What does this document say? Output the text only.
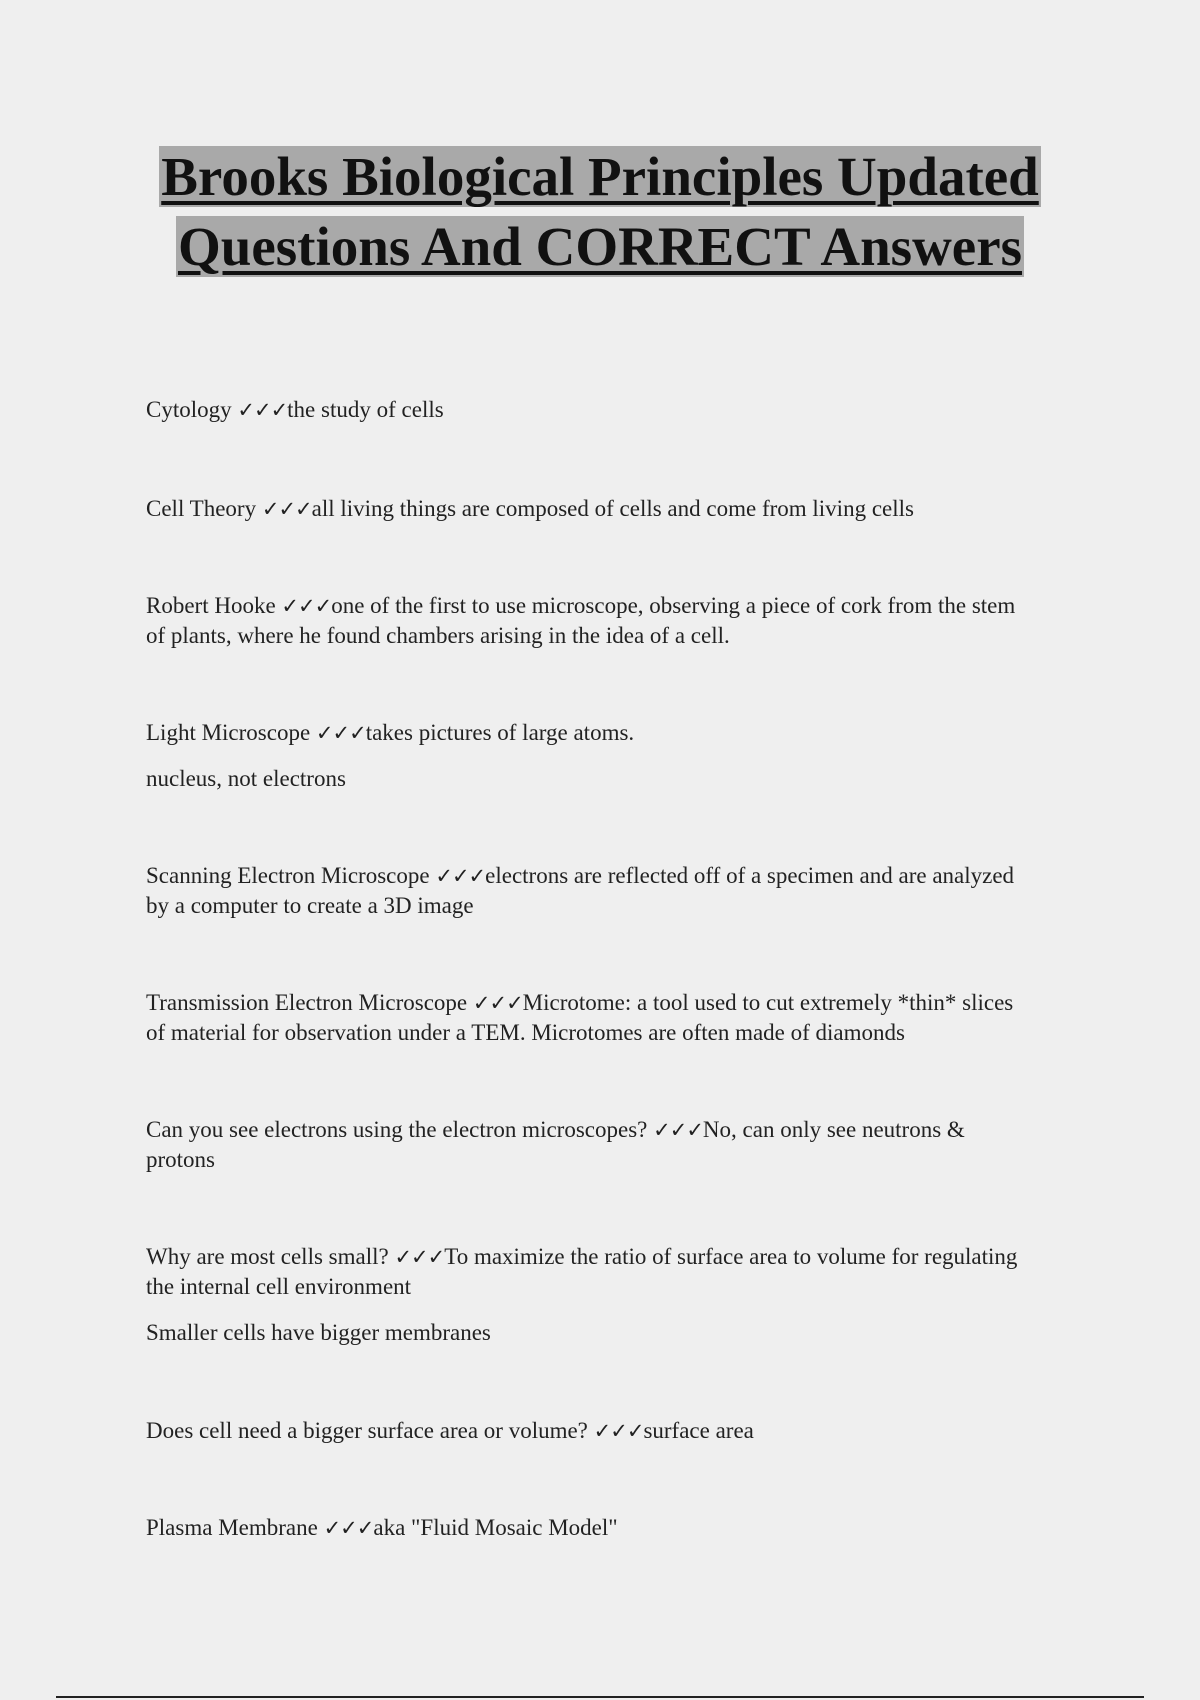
Brooks Biological Principles Updated
Questions And CORRECT Answers

Cytology ✓✓✓the study of cells

Cell Theory ✓✓✓all living things are composed of cells and come from living cells

Robert Hooke ✓✓✓one of the first to use microscope, observing a piece of cork from the stem of plants, where he found chambers arising in the idea of a cell.

Light Microscope ✓✓✓takes pictures of large atoms.

nucleus, not electrons

Scanning Electron Microscope ✓✓✓electrons are reflected off of a specimen and are analyzed by a computer to create a 3D image

Transmission Electron Microscope ✓✓✓Microtome: a tool used to cut extremely *thin* slices of material for observation under a TEM. Microtomes are often made of diamonds

Can you see electrons using the electron microscopes? ✓✓✓No, can only see neutrons & protons

Why are most cells small? ✓✓✓To maximize the ratio of surface area to volume for regulating the internal cell environment

Smaller cells have bigger membranes

Does cell need a bigger surface area or volume? ✓✓✓surface area

Plasma Membrane ✓✓✓aka "Fluid Mosaic Model"
